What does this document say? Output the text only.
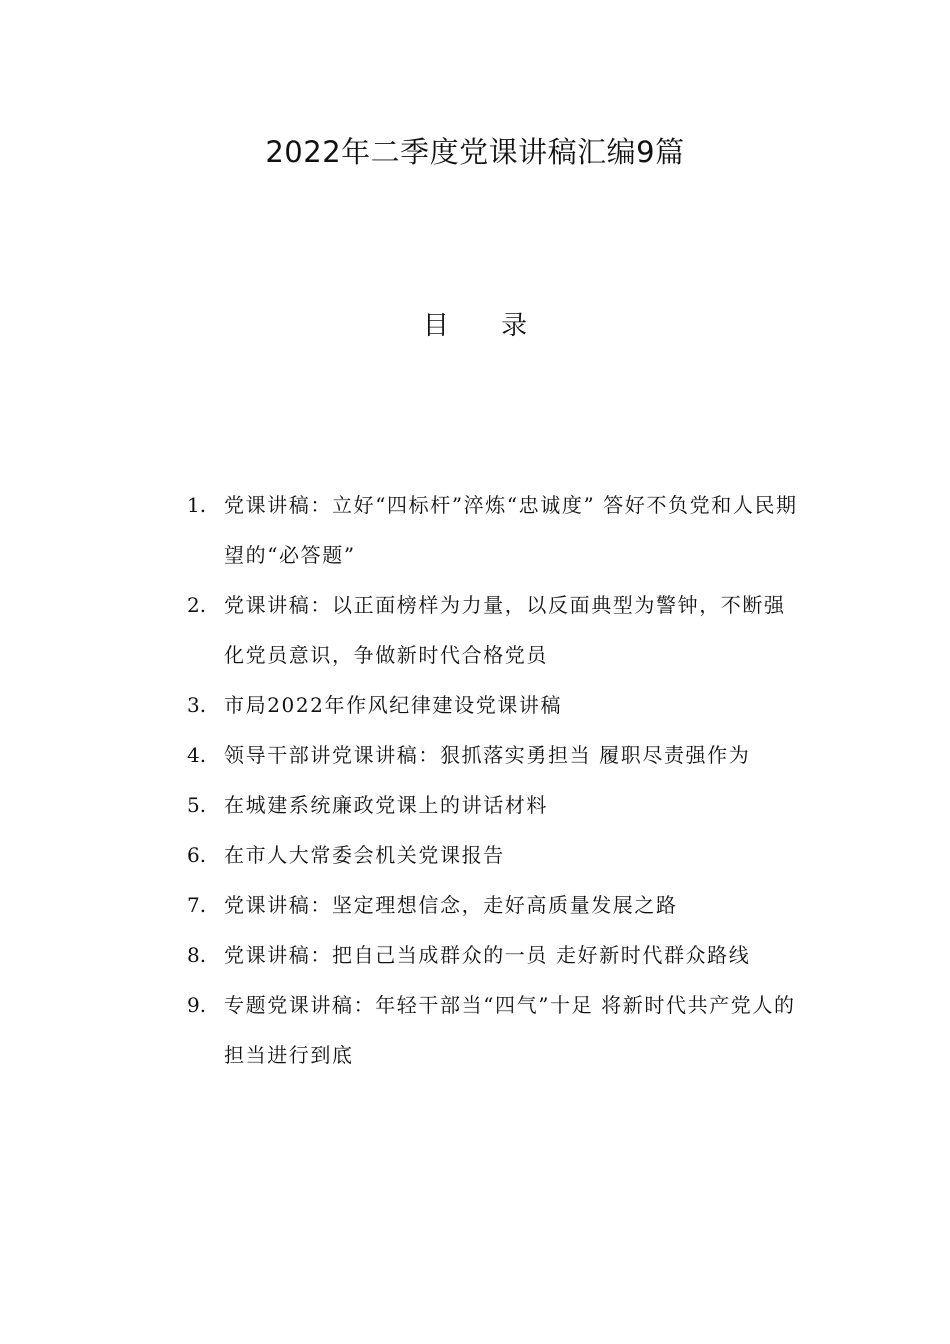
2022年二季度党课讲稿汇编9篇
目 录
1. 党课讲稿：立好“四标杆”淬炼“忠诚度” 答好不负党和人民期望的“必答题”
2. 党课讲稿：以正面榜样为力量，以反面典型为警钟，不断强化党员意识，争做新时代合格党员
3. 市局2022年作风纪律建设党课讲稿
4. 领导干部讲党课讲稿：狠抓落实勇担当 履职尽责强作为
5. 在城建系统廉政党课上的讲话材料
6. 在市人大常委会机关党课报告
7. 党课讲稿：坚定理想信念，走好高质量发展之路
8. 党课讲稿：把自己当成群众的一员 走好新时代群众路线
9. 专题党课讲稿：年轻干部当“四气”十足 将新时代共产党人的担当进行到底
